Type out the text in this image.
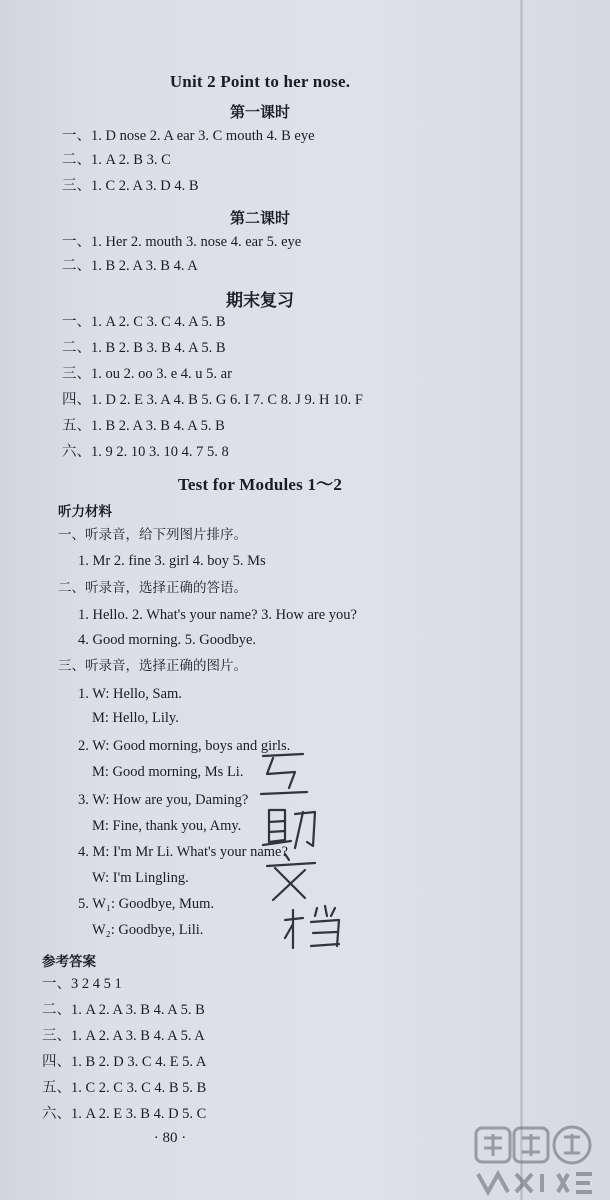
Unit 2 Point to her nose.
第一课时
一、1. D nose 2. A ear 3. C mouth 4. B eye
二、1. A 2. B 3. C
三、1. C 2. A 3. D 4. B
第二课时
一、1. Her 2. mouth 3. nose 4. ear 5. eye
二、1. B 2. A 3. B 4. A
期末复习
一、1. A 2. C 3. C 4. A 5. B
二、1. B 2. B 3. B 4. A 5. B
三、1. ou 2. oo 3. e 4. u 5. ar
四、1. D 2. E 3. A 4. B 5. G 6. I 7. C 8. J 9. H 10. F
五、1. B 2. A 3. B 4. A 5. B
六、1. 9 2. 10 3. 10 4. 7 5. 8
Test for Modules 1～2
听力材料
一、听录音，给下列图片排序。
1. Mr 2. fine 3. girl 4. boy 5. Ms
二、听录音，选择正确的答语。
1. Hello. 2. What's your name? 3. How are you?
4. Good morning. 5. Goodbye.
三、听录音，选择正确的图片。
1. W: Hello, Sam.
M: Hello, Lily.
2. W: Good morning, boys and girls.
M: Good morning, Ms Li.
3. W: How are you, Daming?
M: Fine, thank you, Amy.
4. M: I'm Mr Li. What's your name?
W: I'm Lingling.
5. W₁: Goodbye, Mum.
W₂: Goodbye, Lili.
参考答案
一、3 2 4 5 1
二、1. A 2. A 3. B 4. A 5. B
三、1. A 2. A 3. B 4. A 5. A
四、1. B 2. D 3. C 4. E 5. A
五、1. C 2. C 3. C 4. B 5. B
六、1. A 2. E 3. B 4. D 5. C
· 80 ·
